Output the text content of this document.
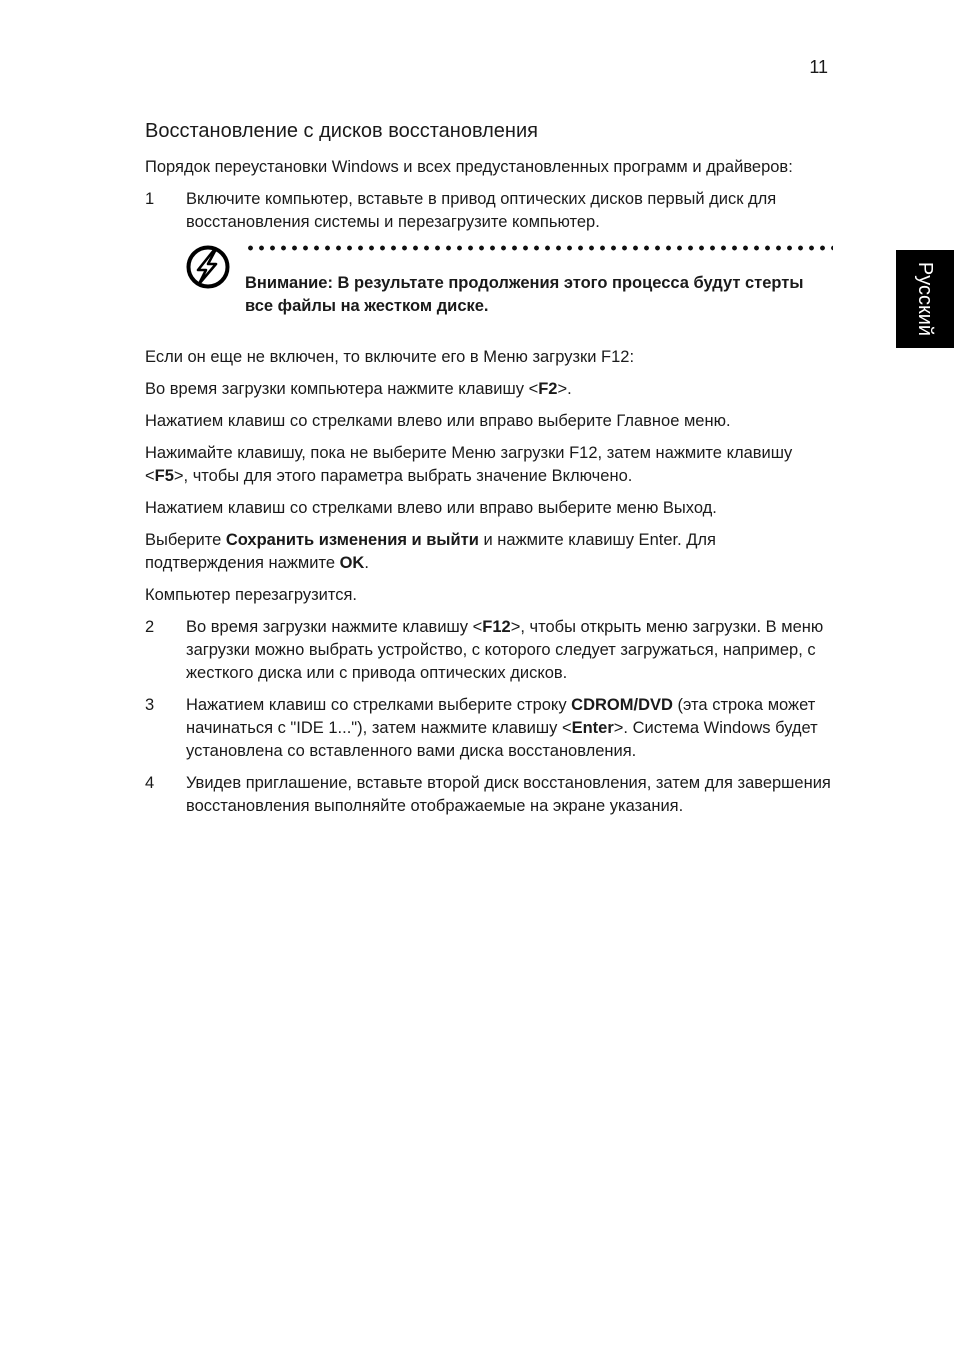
11
Русский
Восстановление с дисков восстановления

Порядок переустановки Windows и всех предустановленных программ и драйверов:

1	Включите компьютер, вставьте в привод оптических дисков первый диск для восстановления системы и перезагрузите компьютер.
Внимание: В результате продолжения этого процесса будут стерты все файлы на жестком диске.

Если он еще не включен, то включите его в Меню загрузки F12:

Во время загрузки компьютера нажмите клавишу <F2>.

Нажатием клавиш со стрелками влево или вправо выберите Главное меню.

Нажимайте клавишу, пока не выберите Меню загрузки F12, затем нажмите клавишу <F5>, чтобы для этого параметра выбрать значение Включено.

Нажатием клавиш со стрелками влево или вправо выберите меню Выход.

Выберите Сохранить изменения и выйти и нажмите клавишу Enter. Для подтверждения нажмите OK.

Компьютер перезагрузится.

2	Во время загрузки нажмите клавишу <F12>, чтобы открыть меню загрузки. В меню загрузки можно выбрать устройство, с которого следует загружаться, например, с жесткого диска или с привода оптических дисков.
3	Нажатием клавиш со стрелками выберите строку CDROM/DVD (эта строка может начинаться с "IDE 1..."), затем нажмите клавишу <Enter>. Система Windows будет установлена со вставленного вами диска восстановления.
4	Увидев приглашение, вставьте второй диск восстановления, затем для завершения восстановления выполняйте отображаемые на экране указания.
